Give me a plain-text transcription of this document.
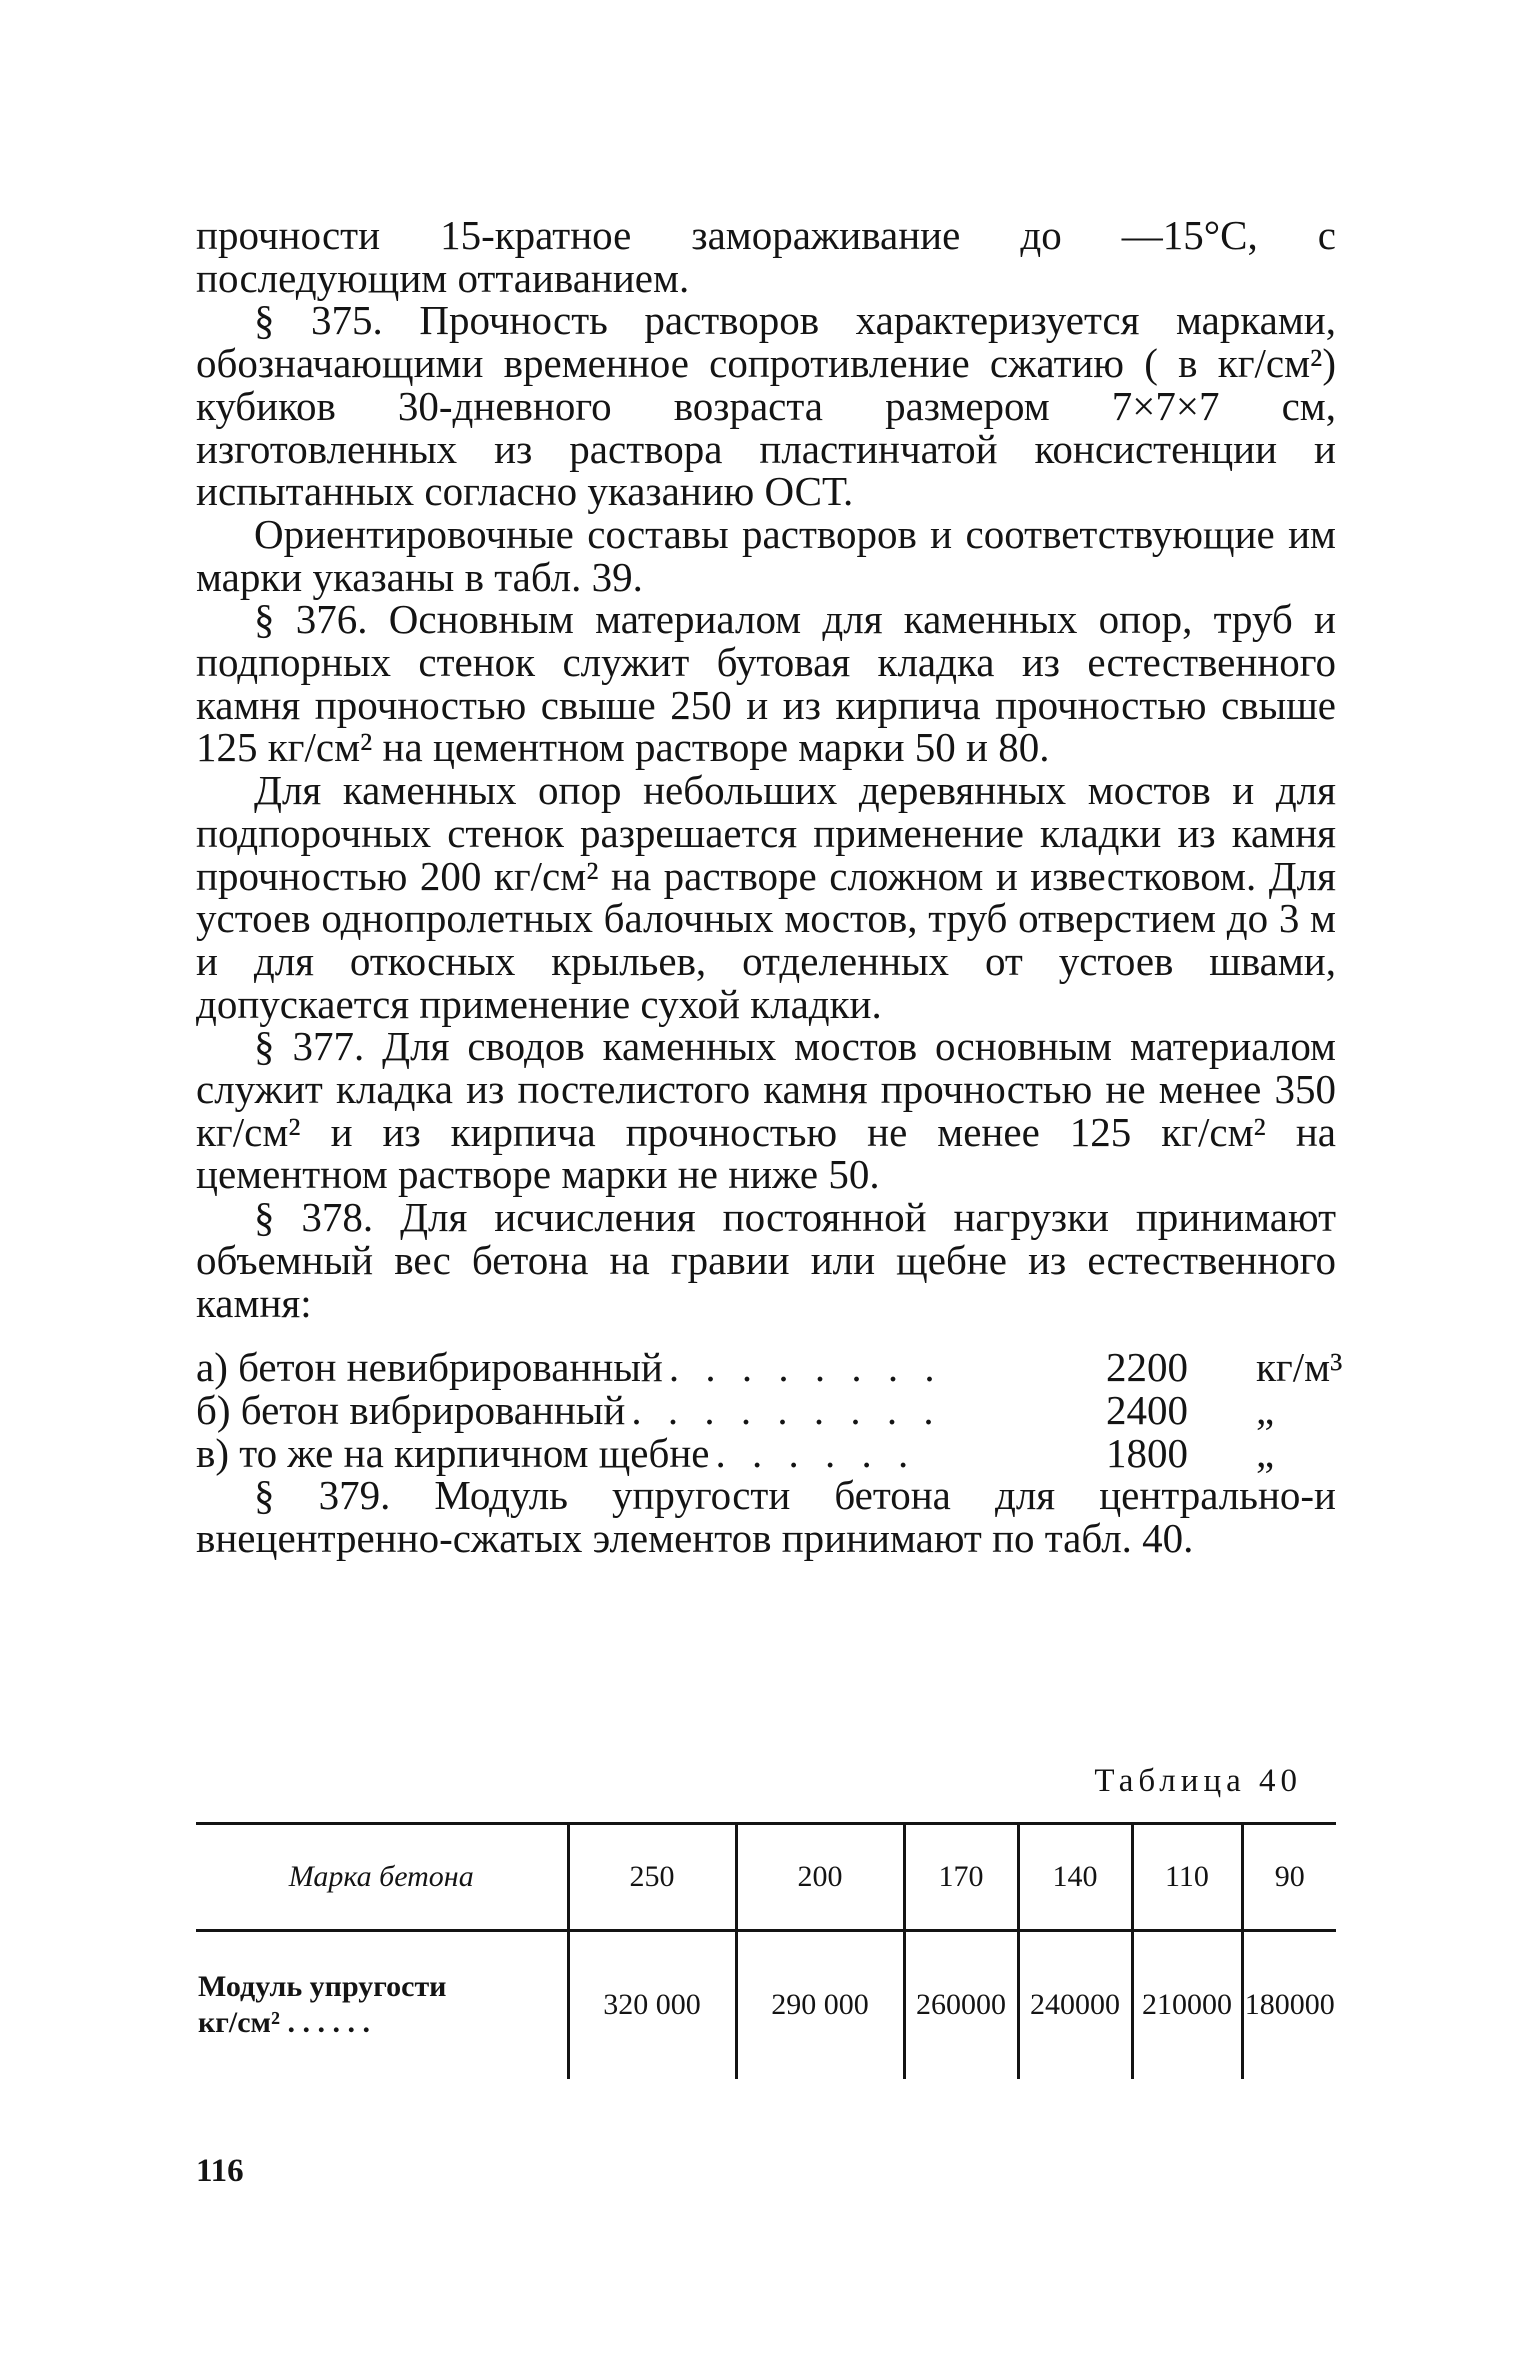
прочности 15-кратное замораживание до —15°С, с последующим оттаиванием.

§ 375. Прочность растворов характеризуется марками, обозначающими временное сопротивление сжатию ( в кг/см²) кубиков 30-дневного возраста размером 7×7×7 см, изготовленных из раствора пластинчатой консистенции и испытанных согласно указанию ОСТ.

Ориентировочные составы растворов и соответствующие им марки указаны в табл. 39.

§ 376. Основным материалом для каменных опор, труб и подпорных стенок служит бутовая кладка из естественного камня прочностью свыше 250 и из кирпича прочностью свыше 125 кг/см² на цементном растворе марки 50 и 80.

Для каменных опор небольших деревянных мостов и для подпорочных стенок разрешается применение кладки из камня прочностью 200 кг/см² на растворе сложном и известковом. Для устоев однопролетных балочных мостов, труб отверстием до 3 м и для откосных крыльев, отделенных от устоев швами, допускается применение сухой кладки.

§ 377. Для сводов каменных мостов основным материалом служит кладка из постелистого камня прочностью не менее 350 кг/см² и из кирпича прочностью не менее 125 кг/см² на цементном растворе марки не ниже 50.

§ 378. Для исчисления постоянной нагрузки принимают объемный вес бетона на гравии или щебне из естественного камня:

а) бетон невибрированный . . . . . . . .	2200	кг/м³
б) бетон вибрированный . . . . . . . . .	2400	„
в) то же на кирпичном щебне . . . . . .	1800	„

§ 379. Модуль упругости бетона для центрально-и внецентренно-сжатых элементов принимают по табл. 40.

Таблица 40
Марка бетона	250	200	170	140	110	90

Модуль упругости
кг/см² . . . . . .	320 000	290 000	260000	240000	210000	180000
116
